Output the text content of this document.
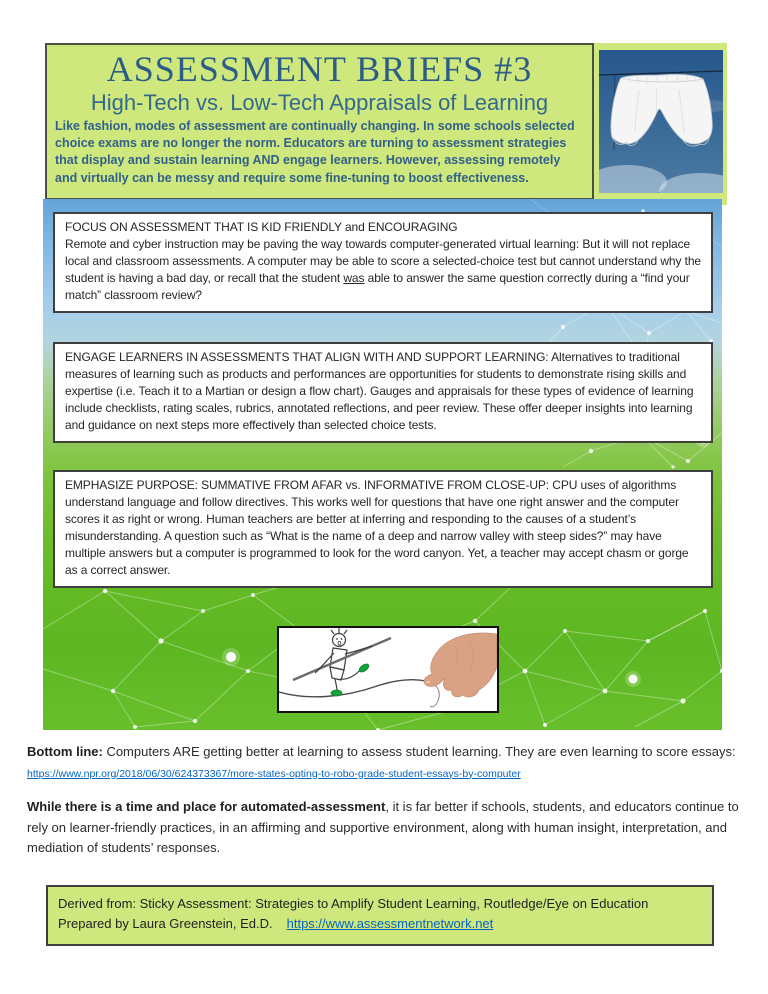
ASSESSMENT BRIEFS #3
High-Tech vs. Low-Tech Appraisals of Learning

Like fashion, modes of assessment are continually changing. In some schools selected choice exams are no longer the norm. Educators are turning to assessment strategies that display and sustain learning AND engage learners. However, assessing remotely and virtually can be messy and require some fine-tuning to boost effectiveness.

FOCUS ON ASSESSMENT THAT IS KID FRIENDLY and ENCOURAGING

Remote and cyber instruction may be paving the way towards computer-generated virtual learning: But it will not replace local and classroom assessments. A computer may be able to score a selected-choice test but cannot understand why the student is having a bad day, or recall that the student was able to answer the same question correctly during a “find your match” classroom review?

ENGAGE LEARNERS IN ASSESSMENTS THAT ALIGN WITH AND SUPPORT LEARNING: Alternatives to traditional measures of learning such as products and performances are opportunities for students to demonstrate rising skills and expertise (i.e. Teach it to a Martian or design a flow chart). Gauges and appraisals for these types of evidence of learning include checklists, rating scales, rubrics, annotated reflections, and peer review. These offer deeper insights into learning and guidance on next steps more effectively than selected choice tests.

EMPHASIZE PURPOSE: SUMMATIVE FROM AFAR vs. INFORMATIVE FROM CLOSE-UP: CPU uses of algorithms understand language and follow directives. This works well for questions that have one right answer and the computer scores it as right or wrong. Human teachers are better at inferring and responding to the causes of a student’s misunderstanding. A question such as “What is the name of a deep and narrow valley with steep sides?” may have multiple answers but a computer is programmed to look for the word canyon. Yet, a teacher may accept chasm or gorge as a correct answer.

Bottom line: Computers ARE getting better at learning to assess student learning. They are even learning to score essays: https://www.npr.org/2018/06/30/624373367/more-states-opting-to-robo-grade-student-essays-by-computer

While there is a time and place for automated-assessment, it is far better if schools, students, and educators continue to rely on learner-friendly practices, in an affirming and supportive environment, along with human insight, interpretation, and mediation of students’ responses.

Derived from: Sticky Assessment: Strategies to Amplify Student Learning, Routledge/Eye on Education
Prepared by Laura Greenstein, Ed.D. https://www.assessmentnetwork.net
